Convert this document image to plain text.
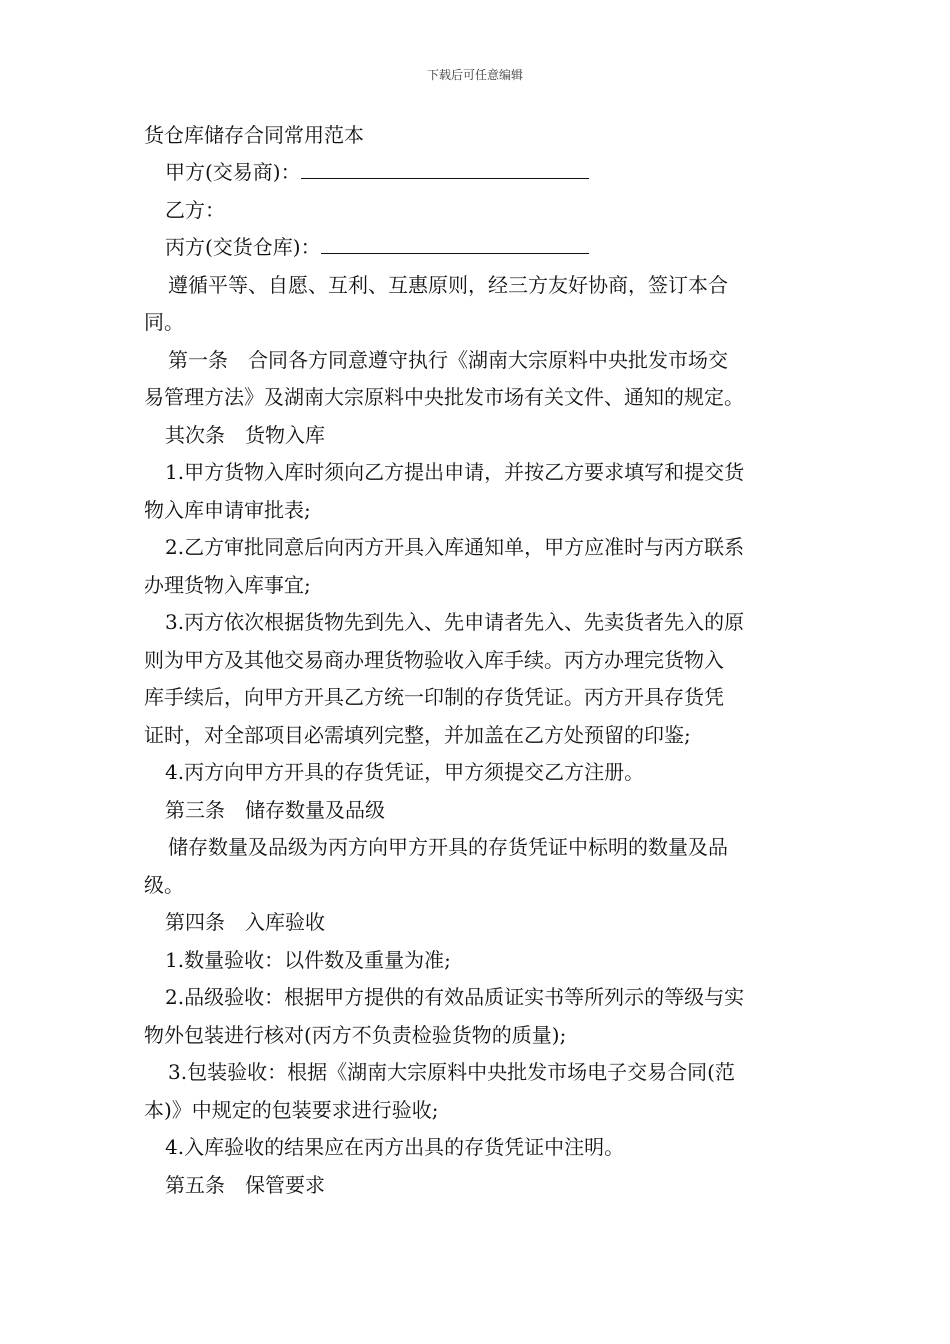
下载后可任意编辑
货仓库储存合同常用范本
甲方(交易商)：
乙方：
丙方(交货仓库)：
遵循平等、自愿、互利、互惠原则，经三方友好协商，签订本合
同。
第一条　合同各方同意遵守执行《湖南大宗原料中央批发市场交
易管理方法》及湖南大宗原料中央批发市场有关文件、通知的规定。
其次条　货物入库
1.甲方货物入库时须向乙方提出申请，并按乙方要求填写和提交货
物入库申请审批表;
2.乙方审批同意后向丙方开具入库通知单，甲方应准时与丙方联系
办理货物入库事宜;
3.丙方依次根据货物先到先入、先申请者先入、先卖货者先入的原
则为甲方及其他交易商办理货物验收入库手续。丙方办理完货物入
库手续后，向甲方开具乙方统一印制的存货凭证。丙方开具存货凭
证时，对全部项目必需填列完整，并加盖在乙方处预留的印鉴;
4.丙方向甲方开具的存货凭证，甲方须提交乙方注册。
第三条　储存数量及品级
储存数量及品级为丙方向甲方开具的存货凭证中标明的数量及品
级。
第四条　入库验收
1.数量验收：以件数及重量为准;
2.品级验收：根据甲方提供的有效品质证实书等所列示的等级与实
物外包装进行核对(丙方不负责检验货物的质量);
3.包装验收：根据《湖南大宗原料中央批发市场电子交易合同(范
本)》中规定的包装要求进行验收;
4.入库验收的结果应在丙方出具的存货凭证中注明。
第五条　保管要求
